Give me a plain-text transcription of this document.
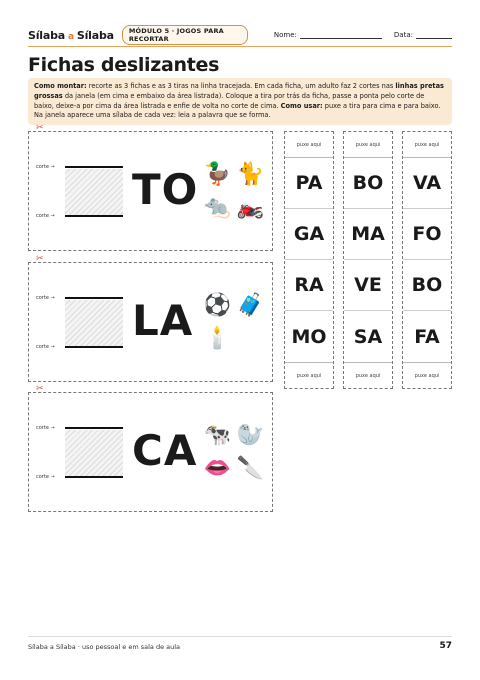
Sílaba a Sílaba	MÓDULO 5 · JOGOS PARA RECORTAR	Nome:	Data:
Fichas deslizantes
Como montar: recorte as 3 fichas e as 3 tiras na linha tracejada. Em cada ficha, um adulto faz 2 cortes nas linhas pretas grossas da janela (em cima e embaixo da área listrada). Coloque a tira por trás da ficha, passe a ponta pelo corte de baixo, deixe-a por cima da área listrada e enfie de volta no corte de cima. Como usar: puxe a tira para cima e para baixo. Na janela aparece uma sílaba de cada vez: leia a palavra que se forma.
corte →
corte →
TO 🦆 🐈
🐀 🏍️
✂
corte →
corte →
LA ⚽ 🧳
🕯️
✂
corte →
corte →
CA 🐄 🦭
👄 🔪
✂
puxe aqui
PA
GA
RA
MO
puxe aqui
puxe aqui
BO
MA
VE
SA
puxe aqui
puxe aqui
VA
FO
BO
FA
puxe aqui
Sílaba a Sílaba · uso pessoal e em sala de aula	57
